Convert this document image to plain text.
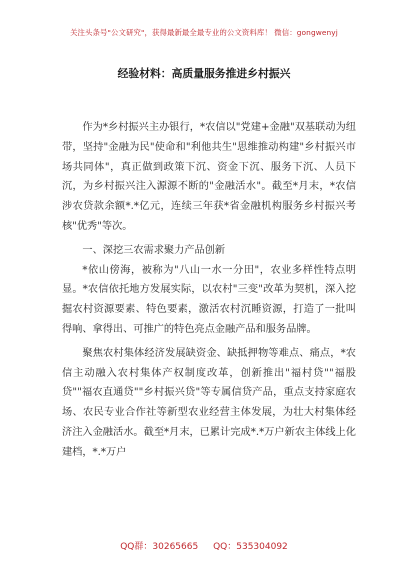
关注头条号"公文研究"，获得最新最全最专业的公文资料库！ 微信：gongwenyj
经验材料：高质量服务推进乡村振兴

作为*乡村振兴主办银行，*农信以"党建+金融"双基联动为纽带，坚持"金融为民"使命和"利他共生"思维推动构建"乡村振兴市场共同体"，真正做到政策下沉、资金下沉、服务下沉、人员下沉，为乡村振兴注入源源不断的"金融活水"。截至*月末，*农信涉农贷款余额*.*亿元，连续三年获*省金融机构服务乡村振兴考核"优秀"等次。

一、深挖三农需求聚力产品创新

*依山傍海，被称为"八山一水一分田"，农业多样性特点明显。*农信依托地方发展实际，以农村"三变"改革为契机，深入挖掘农村资源要素、特色要素，激活农村沉睡资源，打造了一批叫得响、拿得出、可推广的特色亮点金融产品和服务品牌。

聚焦农村集体经济发展缺资金、缺抵押物等难点、痛点，*农信主动融入农村集体产权制度改革，创新推出"福村贷""福股贷""福农直通贷""乡村振兴贷"等专属信贷产品，重点支持家庭农场、农民专业合作社等新型农业经营主体发展，为壮大村集体经济注入金融活水。截至*月末，已累计完成*.*万户新农主体线上化建档，*.*万户

QQ群：30265665 QQ：535304092
